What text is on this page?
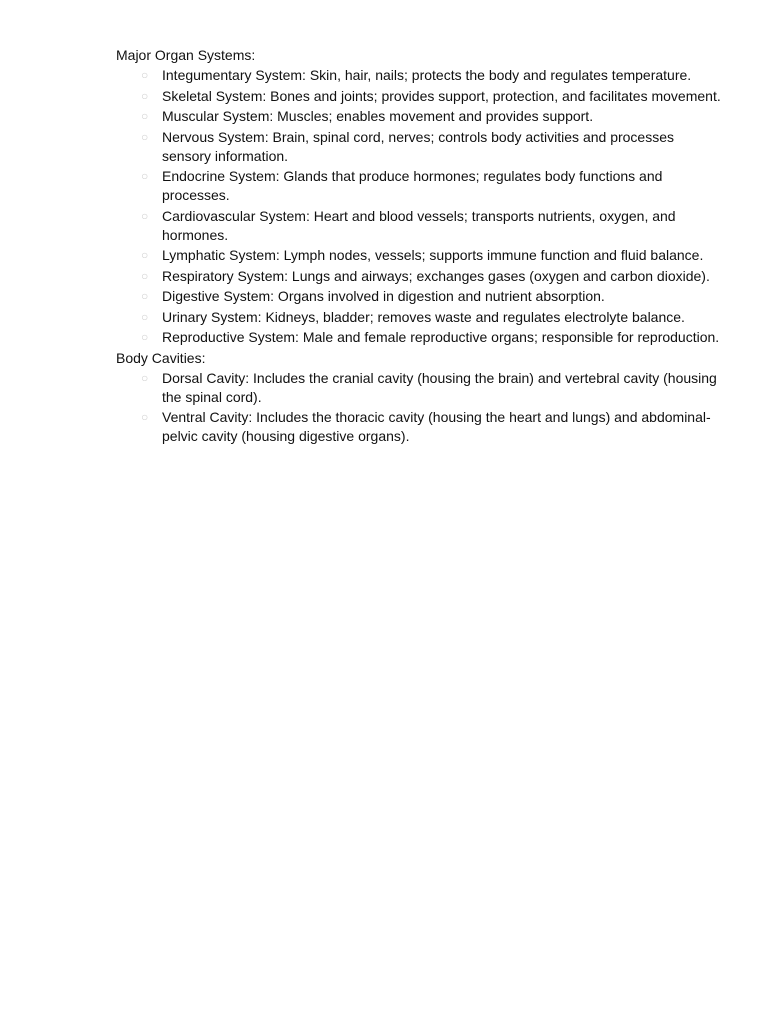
Major Organ Systems:
○ Integumentary System: Skin, hair, nails; protects the body and regulates temperature.
○ Skeletal System: Bones and joints; provides support, protection, and facilitates movement.
○ Muscular System: Muscles; enables movement and provides support.
○ Nervous System: Brain, spinal cord, nerves; controls body activities and processes sensory information.
○ Endocrine System: Glands that produce hormones; regulates body functions and processes.
○ Cardiovascular System: Heart and blood vessels; transports nutrients, oxygen, and hormones.
○ Lymphatic System: Lymph nodes, vessels; supports immune function and fluid balance.
○ Respiratory System: Lungs and airways; exchanges gases (oxygen and carbon dioxide).
○ Digestive System: Organs involved in digestion and nutrient absorption.
○ Urinary System: Kidneys, bladder; removes waste and regulates electrolyte balance.
○ Reproductive System: Male and female reproductive organs; responsible for reproduction.
Body Cavities:
○ Dorsal Cavity: Includes the cranial cavity (housing the brain) and vertebral cavity (housing the spinal cord).
○ Ventral Cavity: Includes the thoracic cavity (housing the heart and lungs) and abdominal-pelvic cavity (housing digestive organs).
